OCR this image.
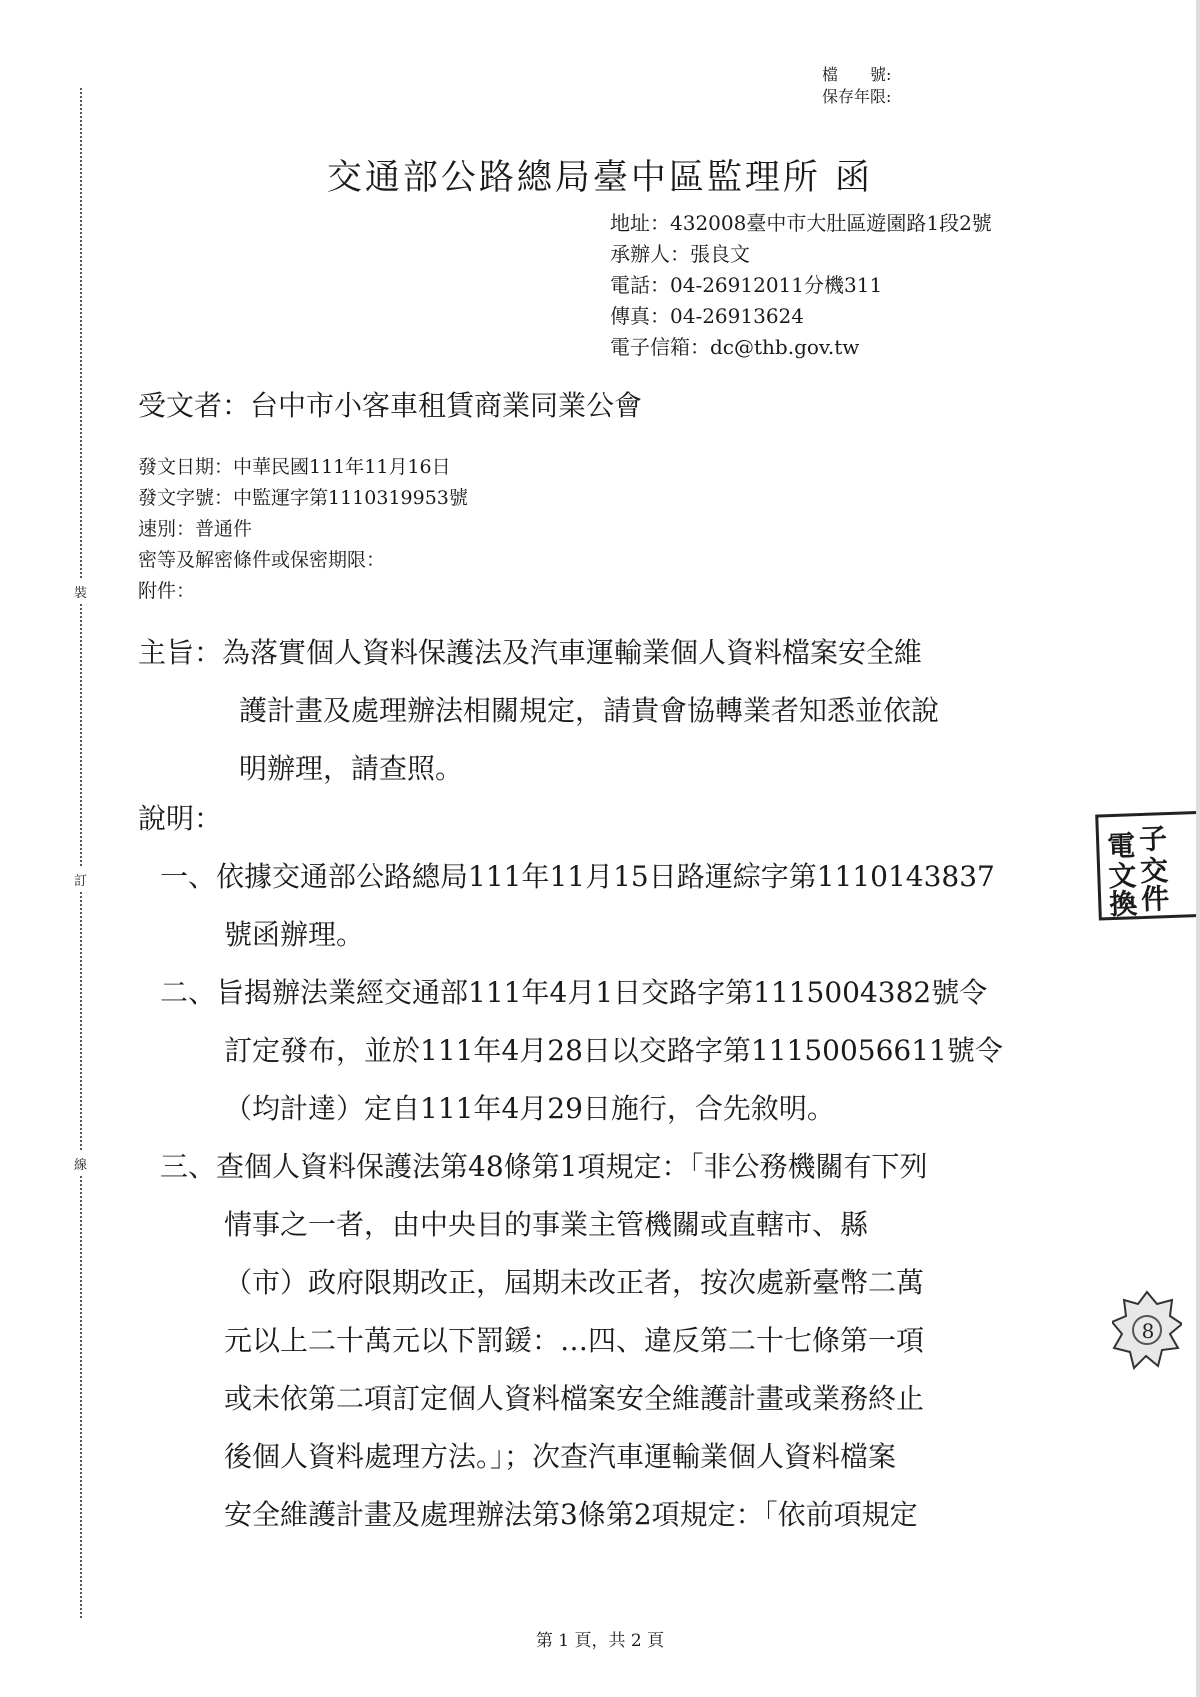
裝
訂
線
檔　　號:
保存年限:
交通部公路總局臺中區監理所 函
地址：432008臺中市大肚區遊園路1段2號
承辦人：張良文
電話：04-26912011分機311
傳真：04-26913624
電子信箱：dc@thb.gov.tw
受文者：台中市小客車租賃商業同業公會
發文日期：中華民國111年11月16日
發文字號：中監運字第1110319953號
速別：普通件
密等及解密條件或保密期限：
附件：
主旨：為落實個人資料保護法及汽車運輸業個人資料檔案安全維
護計畫及處理辦法相關規定，請貴會協轉業者知悉並依說
明辦理，請查照。
說明：
一、依據交通部公路總局111年11月15日路運綜字第1110143837
號函辦理。
二、旨揭辦法業經交通部111年4月1日交路字第1115004382號令
訂定發布，並於111年4月28日以交路字第11150056611號令
（均計達）定自111年4月29日施行，合先敘明。
三、查個人資料保護法第48條第1項規定：「非公務機關有下列
情事之一者，由中央目的事業主管機關或直轄市、縣
（市）政府限期改正，屆期未改正者，按次處新臺幣二萬
元以上二十萬元以下罰鍰：…四、違反第二十七條第一項
或未依第二項訂定個人資料檔案安全維護計畫或業務終止
後個人資料處理方法。」；次查汽車運輸業個人資料檔案
安全維護計畫及處理辦法第3條第2項規定：「依前項規定
電 子
文 交
換 件
8
第 1 頁，共 2 頁
